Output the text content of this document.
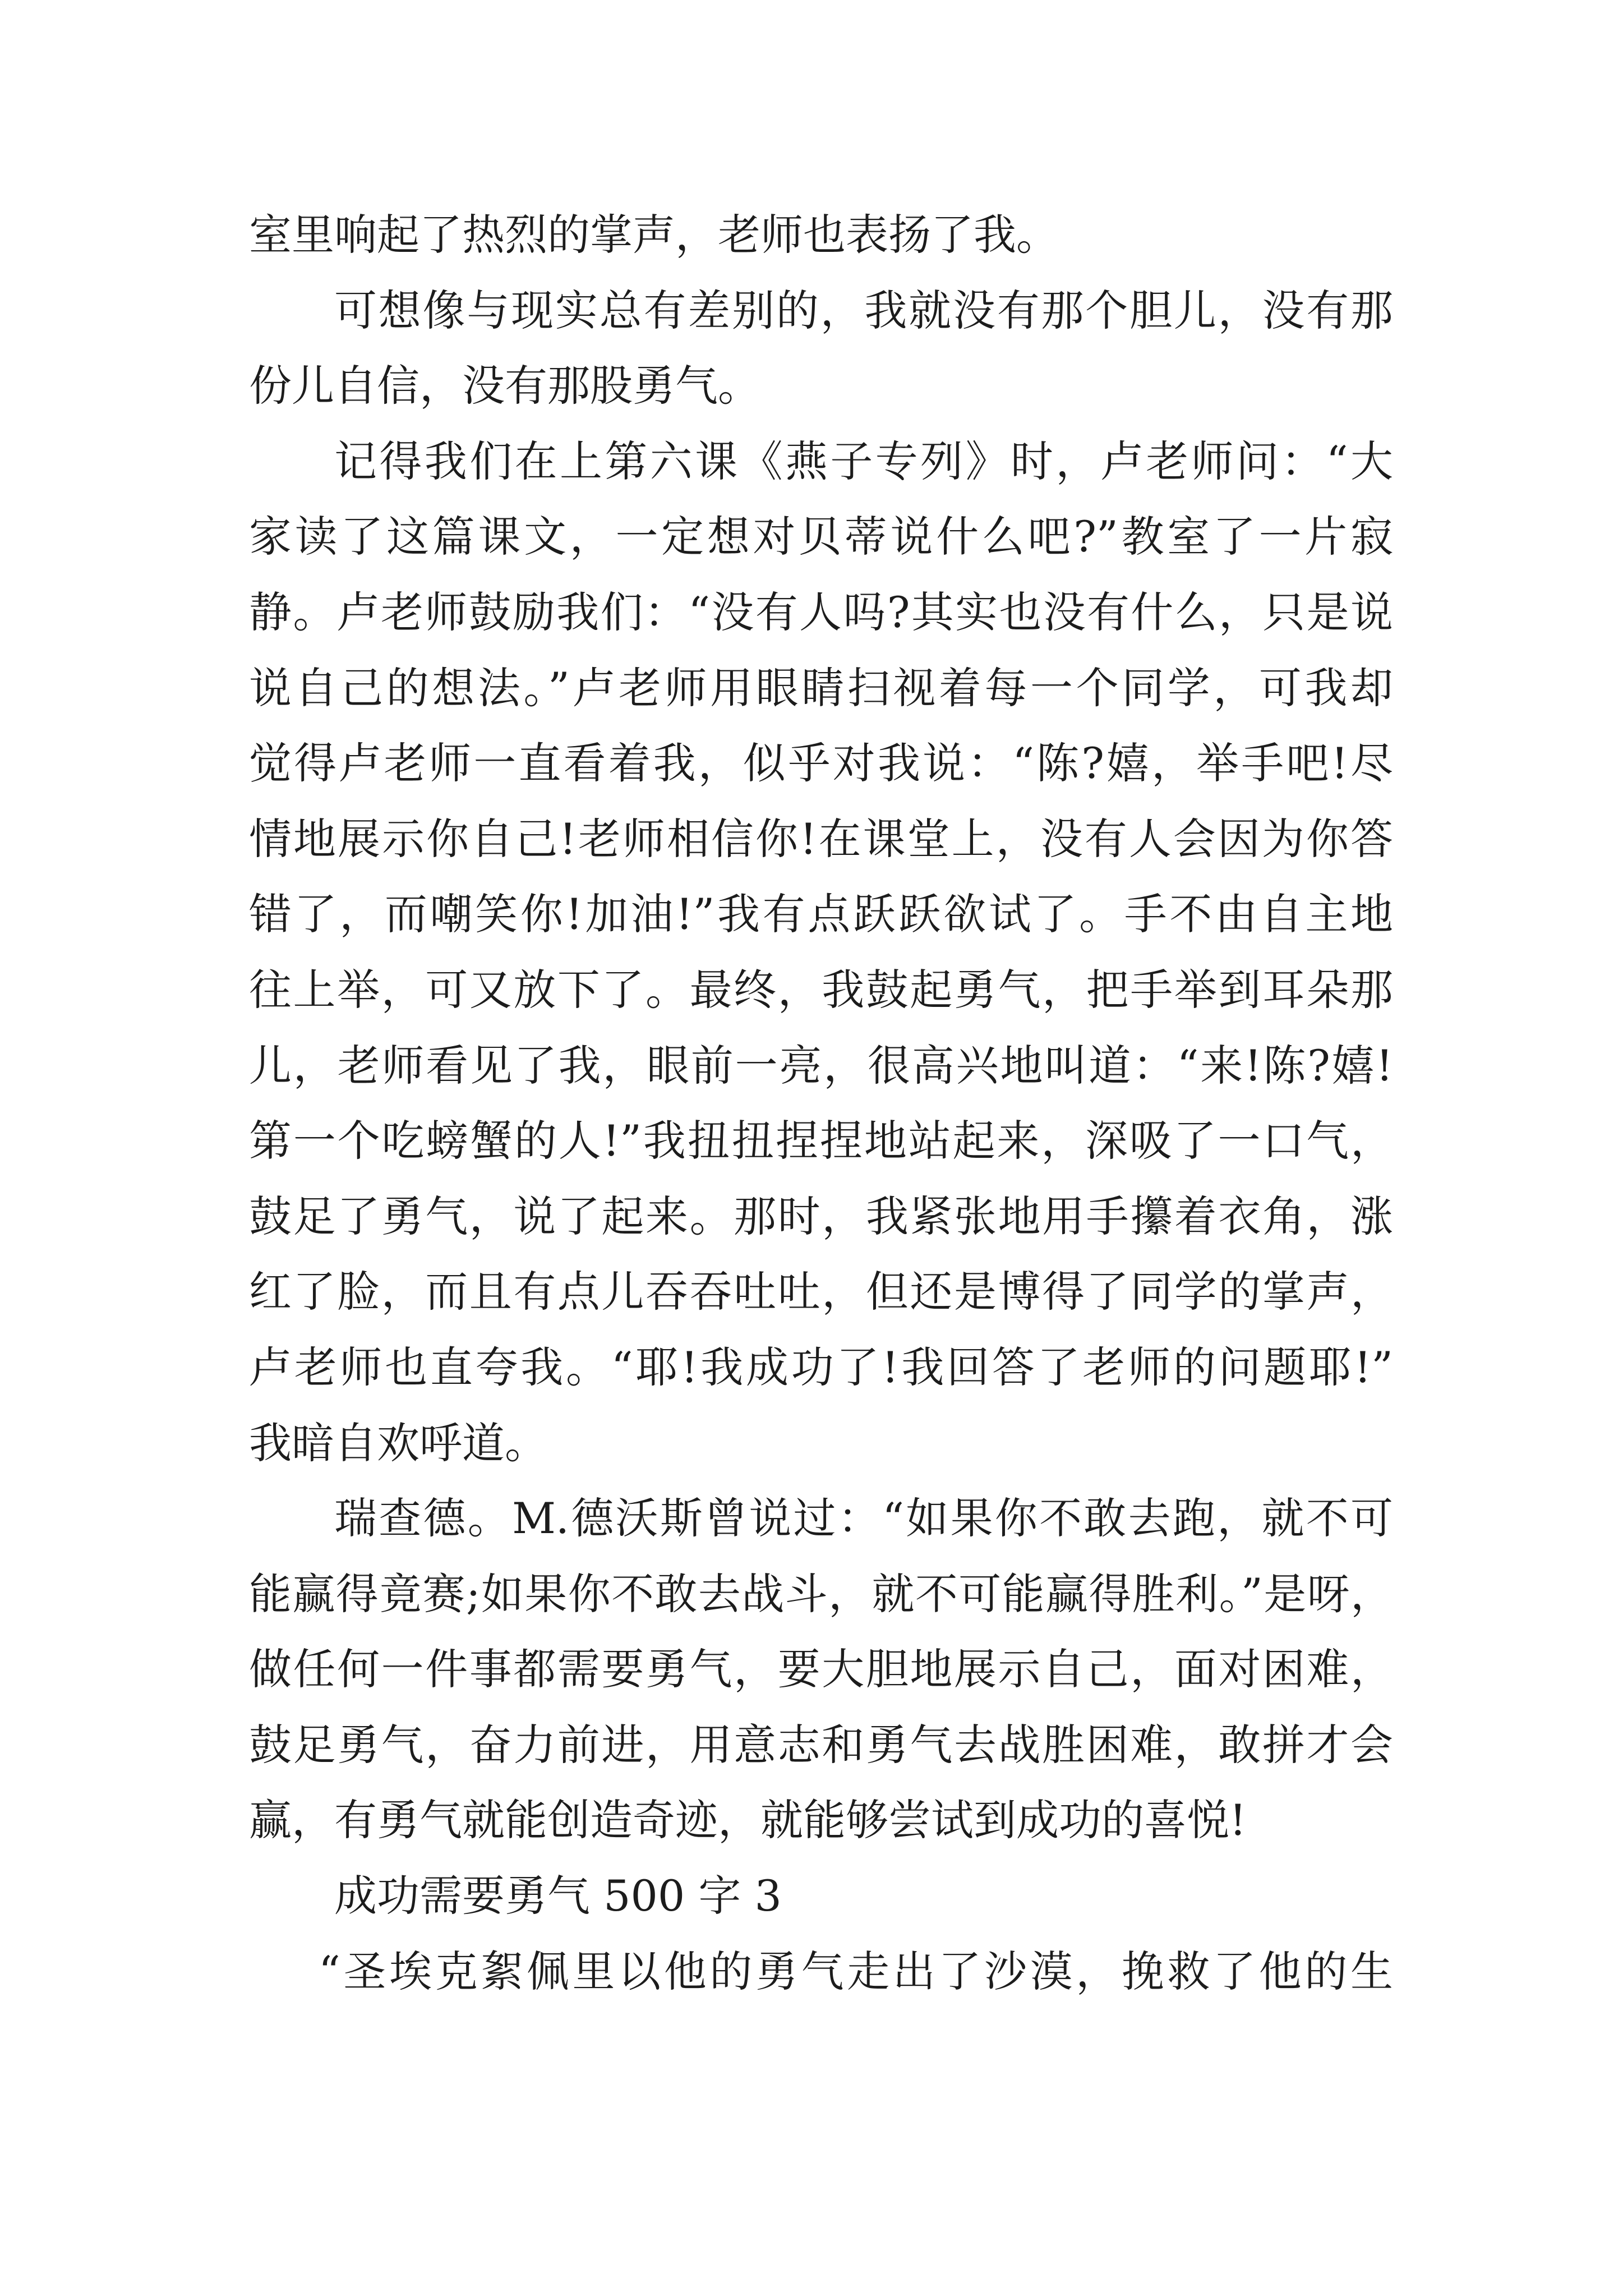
室里响起了热烈的掌声，老师也表扬了我。
可想像与现实总有差别的，我就没有那个胆儿，没有那
份儿自信，没有那股勇气。
记得我们在上第六课《燕子专列》时，卢老师问：“大
家读了这篇课文，一定想对贝蒂说什么吧?”教室了一片寂
静。卢老师鼓励我们：“没有人吗?其实也没有什么，只是说
说自己的想法。”卢老师用眼睛扫视着每一个同学，可我却
觉得卢老师一直看着我，似乎对我说：“陈?嬉，举手吧!尽
情地展示你自己!老师相信你!在课堂上，没有人会因为你答
错了，而嘲笑你!加油!”我有点跃跃欲试了。手不由自主地
往上举，可又放下了。最终，我鼓起勇气，把手举到耳朵那
儿，老师看见了我，眼前一亮，很高兴地叫道：“来!陈?嬉!
第一个吃螃蟹的人!”我扭扭捏捏地站起来，深吸了一口气，
鼓足了勇气，说了起来。那时，我紧张地用手攥着衣角，涨
红了脸，而且有点儿吞吞吐吐，但还是博得了同学的掌声，
卢老师也直夸我。“耶!我成功了!我回答了老师的问题耶!”
我暗自欢呼道。
瑞查德。M.德沃斯曾说过：“如果你不敢去跑，就不可
能赢得竟赛;如果你不敢去战斗，就不可能赢得胜利。”是呀，
做任何一件事都需要勇气，要大胆地展示自己，面对困难，
鼓足勇气，奋力前进，用意志和勇气去战胜困难，敢拼才会
赢，有勇气就能创造奇迹，就能够尝试到成功的喜悦!
成功需要勇气 500 字 3
“圣埃克絮佩里以他的勇气走出了沙漠，挽救了他的生
